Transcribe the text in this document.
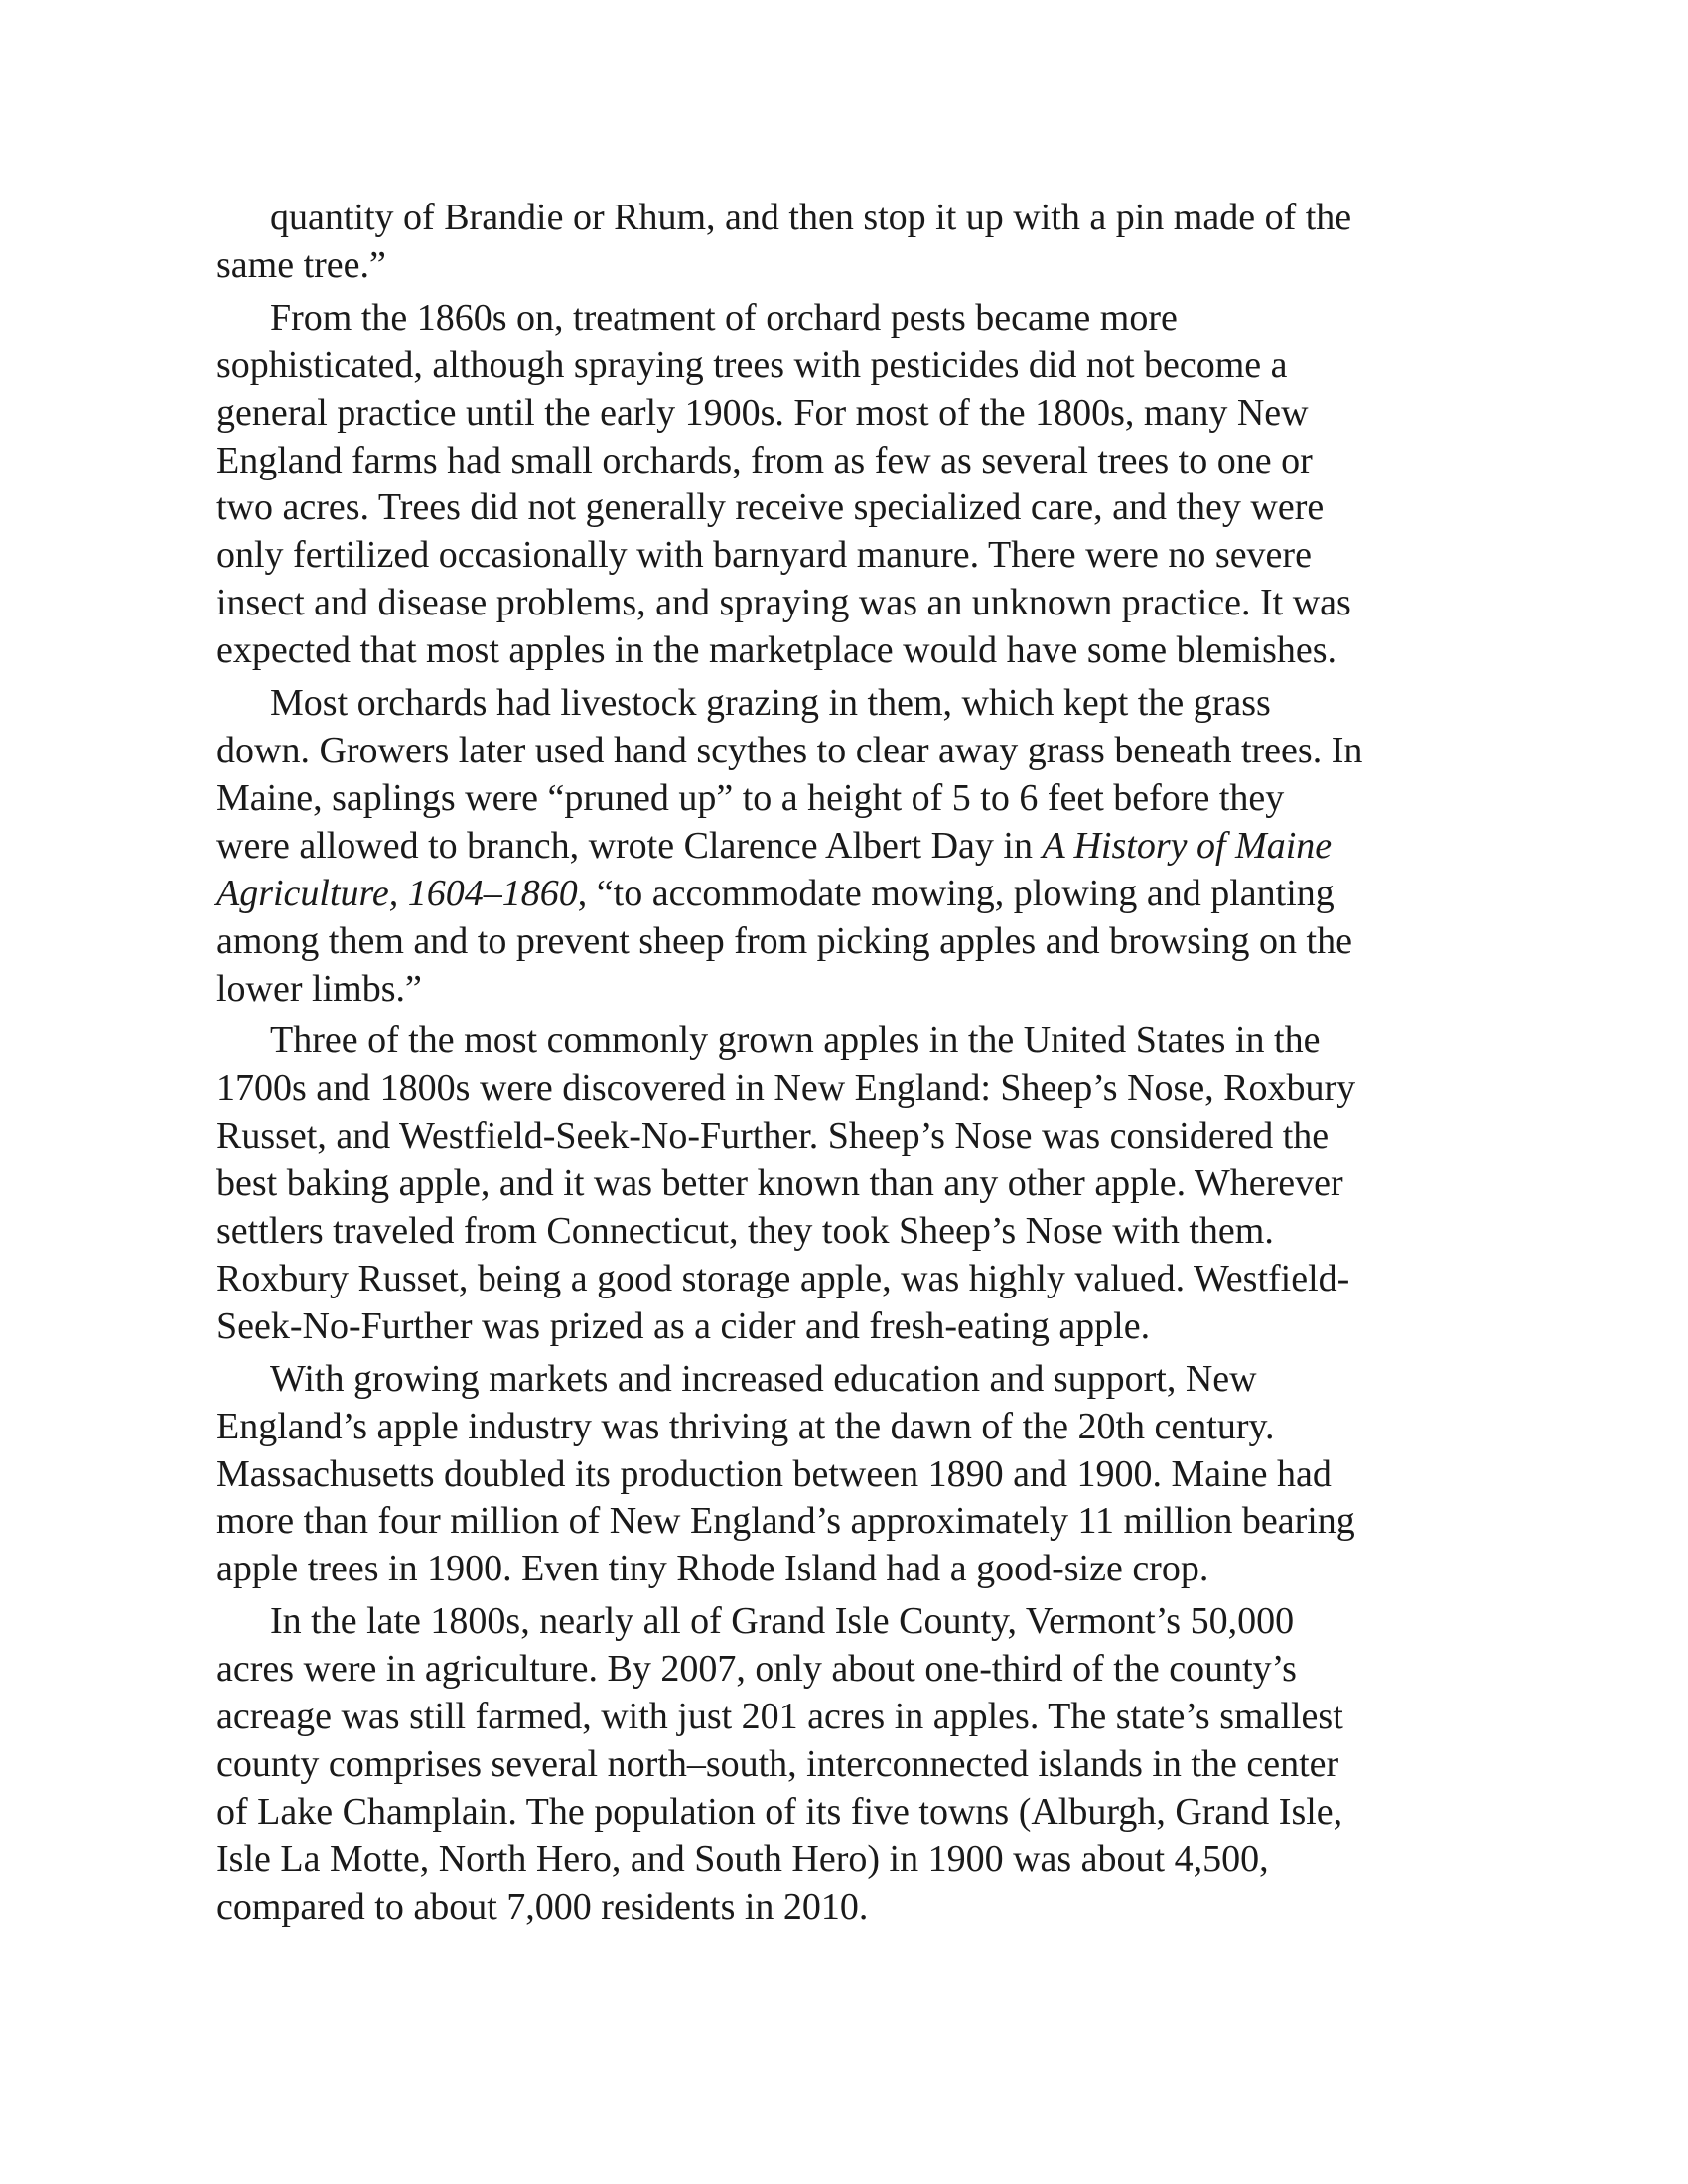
quantity of Brandie or Rhum, and then stop it up with a pin made of the
same tree.”
From the 1860s on, treatment of orchard pests became more
sophisticated, although spraying trees with pesticides did not become a
general practice until the early 1900s. For most of the 1800s, many New
England farms had small orchards, from as few as several trees to one or
two acres. Trees did not generally receive specialized care, and they were
only fertilized occasionally with barnyard manure. There were no severe
insect and disease problems, and spraying was an unknown practice. It was
expected that most apples in the marketplace would have some blemishes.
Most orchards had livestock grazing in them, which kept the grass
down. Growers later used hand scythes to clear away grass beneath trees. In
Maine, saplings were “pruned up” to a height of 5 to 6 feet before they
were allowed to branch, wrote Clarence Albert Day in A History of Maine
Agriculture, 1604–1860, “to accommodate mowing, plowing and planting
among them and to prevent sheep from picking apples and browsing on the
lower limbs.”
Three of the most commonly grown apples in the United States in the
1700s and 1800s were discovered in New England: Sheep’s Nose, Roxbury
Russet, and Westfield-Seek-No-Further. Sheep’s Nose was considered the
best baking apple, and it was better known than any other apple. Wherever
settlers traveled from Connecticut, they took Sheep’s Nose with them.
Roxbury Russet, being a good storage apple, was highly valued. Westfield-
Seek-No-Further was prized as a cider and fresh-eating apple.
With growing markets and increased education and support, New
England’s apple industry was thriving at the dawn of the 20th century.
Massachusetts doubled its production between 1890 and 1900. Maine had
more than four million of New England’s approximately 11 million bearing
apple trees in 1900. Even tiny Rhode Island had a good-size crop.
In the late 1800s, nearly all of Grand Isle County, Vermont’s 50,000
acres were in agriculture. By 2007, only about one-third of the county’s
acreage was still farmed, with just 201 acres in apples. The state’s smallest
county comprises several north–south, interconnected islands in the center
of Lake Champlain. The population of its five towns (Alburgh, Grand Isle,
Isle La Motte, North Hero, and South Hero) in 1900 was about 4,500,
compared to about 7,000 residents in 2010.
